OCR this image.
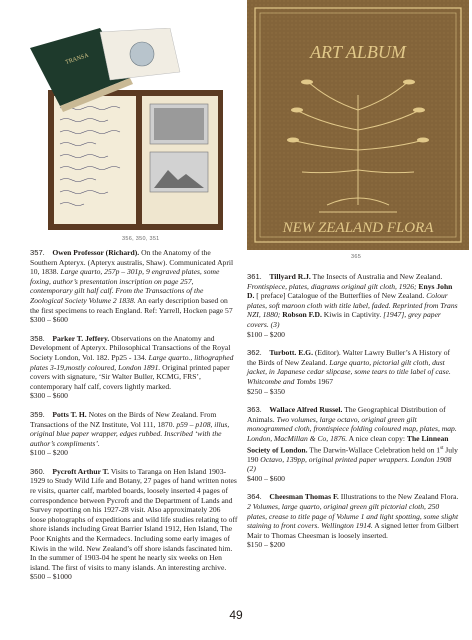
TRANSA
356, 350, 351
ART ALBUM
NEW ZEALAND FLORA
365

357. Owen Professor (Richard). On the Anatomy of the Southern Apteryx. (Apteryx australis, Shaw). Communicated April 10, 1838. Large quarto, 257p – 301p, 9 engraved plates, some foxing, author’s presentation inscription on page 257, contemporary gilt half calf. From the Transactions of the Zoological Society Volume 2 1838. An early description based on the first specimens to reach England. Ref: Yarrell, Hocken page 57
$300 – $600

358. Parker T. Jeffery. Observations on the Anatomy and Development of Apteryx. Philosophical Transactions of the Royal Society London, Vol. 182. Pp25 - 134. Large quarto., lithographed plates 3-19,mostly coloured, London 1891. Original printed paper covers with signature, ‘Sir Walter Buller, KCMG, FRS’, contemporary half calf, covers lightly marked.
$300 – $600

359. Potts T. H. Notes on the Birds of New Zealand. From Transactions of the NZ Institute, Vol 111, 1870. p59 – p108, illus, original blue paper wrapper, edges rubbed. Inscribed ‘with the author’s compliments’.
$100 – $200

360. Pycroft Arthur T. Visits to Taranga on Hen Island 1903-1929 to Study Wild Life and Botany, 27 pages of hand written notes re visits, quarter calf, marbled boards, loosely inserted 4 pages of correspondence between Pycroft and the Department of Lands and Survey reporting on his 1927-28 visit. Also approximately 206 loose photographs of expeditions and wild life studies relating to off shore islands including Great Barrier Island 1912, Hen Island, The Poor Knights and the Kermadecs. Including some early images of Kiwis in the wild. New Zealand’s off shore islands fascinated him. In the summer of 1903-04 he spent he nearly six weeks on Hen island. The first of visits to many islands. An interesting archive.
$500 – $1000

361. Tillyard R.J. The Insects of Australia and New Zealand. Frontispiece, plates, diagrams original gilt cloth, 1926; Enys John D. [ preface] Catalogue of the Butterflies of New Zealand. Colour plates, soft maroon cloth with title label, faded. Reprinted from Trans NZI, 1880; Robson F.D. Kiwis in Captivity. [1947], grey paper covers. (3)
$100 – $200

362. Turbott. E.G. (Editor). Walter Lawry Buller’s A History of the Birds of New Zealand. Large quarto, pictorial gilt cloth, dust jacket, in Japanese cedar slipcase, some tears to title label of case. Whitcombe and Tombs 1967
$250 – $350

363. Wallace Alfred Russel. The Geographical Distribution of Animals. Two volumes, large octavo, original green gilt monogrammed cloth, frontispiece folding coloured map, plates, map. London, MacMillan & Co, 1876. A nice clean copy: The Linnean Society of London. The Darwin-Wallace Celebration held on 1st July 190 Octavo, 139pp, original printed paper wrappers. London 1908 (2)
$400 – $600

364. Cheesman Thomas F. Illustrations to the New Zealand Flora. 2 Volumes, large quarto, original green gilt pictorial cloth, 250 plates, crease to title page of Volume 1 and light spotting, some slight staining to front covers. Wellington 1914. A signed letter from Gilbert Mair to Thomas Cheesman is loosely inserted.
$150 – $200

49
